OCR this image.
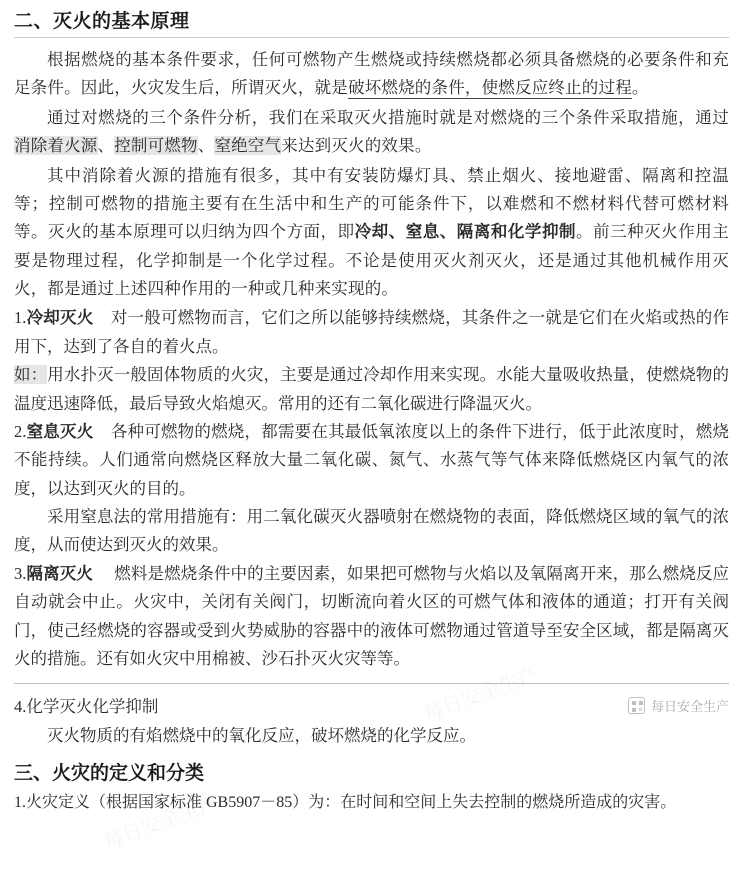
二、灭火的基本原理

根据燃烧的基本条件要求，任何可燃物产生燃烧或持续燃烧都必须具备燃烧的必要条件和充足条件。因此，火灾发生后，所谓灭火，就是破坏燃烧的条件，使燃反应终止的过程。

通过对燃烧的三个条件分析，我们在采取灭火措施时就是对燃烧的三个条件采取措施，通过消除着火源、控制可燃物、窒绝空气来达到灭火的效果。

其中消除着火源的措施有很多，其中有安装防爆灯具、禁止烟火、接地避雷、隔离和控温等；控制可燃物的措施主要有在生活中和生产的可能条件下，以难燃和不燃材料代替可燃材料等。灭火的基本原理可以归纳为四个方面，即冷却、窒息、隔离和化学抑制。前三种灭火作用主要是物理过程，化学抑制是一个化学过程。不论是使用灭火剂灭火，还是通过其他机械作用灭火，都是通过上述四种作用的一种或几种来实现的。

1.冷却灭火 对一般可燃物而言，它们之所以能够持续燃烧，其条件之一就是它们在火焰或热的作用下，达到了各自的着火点。

如：用水扑灭一般固体物质的火灾，主要是通过冷却作用来实现。水能大量吸收热量，使燃烧物的温度迅速降低，最后导致火焰熄灭。常用的还有二氧化碳进行降温灭火。

2.窒息灭火 各种可燃物的燃烧，都需要在其最低氧浓度以上的条件下进行，低于此浓度时，燃烧不能持续。人们通常向燃烧区释放大量二氧化碳、氮气、水蒸气等气体来降低燃烧区内氧气的浓度，以达到灭火的目的。

采用窒息法的常用措施有：用二氧化碳灭火器喷射在燃烧物的表面，降低燃烧区域的氧气的浓度，从而使达到灭火的效果。

3.隔离灭火 燃料是燃烧条件中的主要因素，如果把可燃物与火焰以及氧隔离开来，那么燃烧反应自动就会中止。火灾中，关闭有关阀门，切断流向着火区的可燃气体和液体的通道；打开有关阀门，使己经燃烧的容器或受到火势威胁的容器中的液体可燃物通过管道导至安全区域，都是隔离灭火的措施。还有如火灾中用棉被、沙石扑灭火灾等等。

4.化学灭火化学抑制

灭火物质的有焰燃烧中的氧化反应，破坏燃烧的化学反应。

三、火灾的定义和分类

1.火灾定义（根据国家标准 GB5907－85）为：在时间和空间上失去控制的燃烧所造成的灾害。

每日安全生产
